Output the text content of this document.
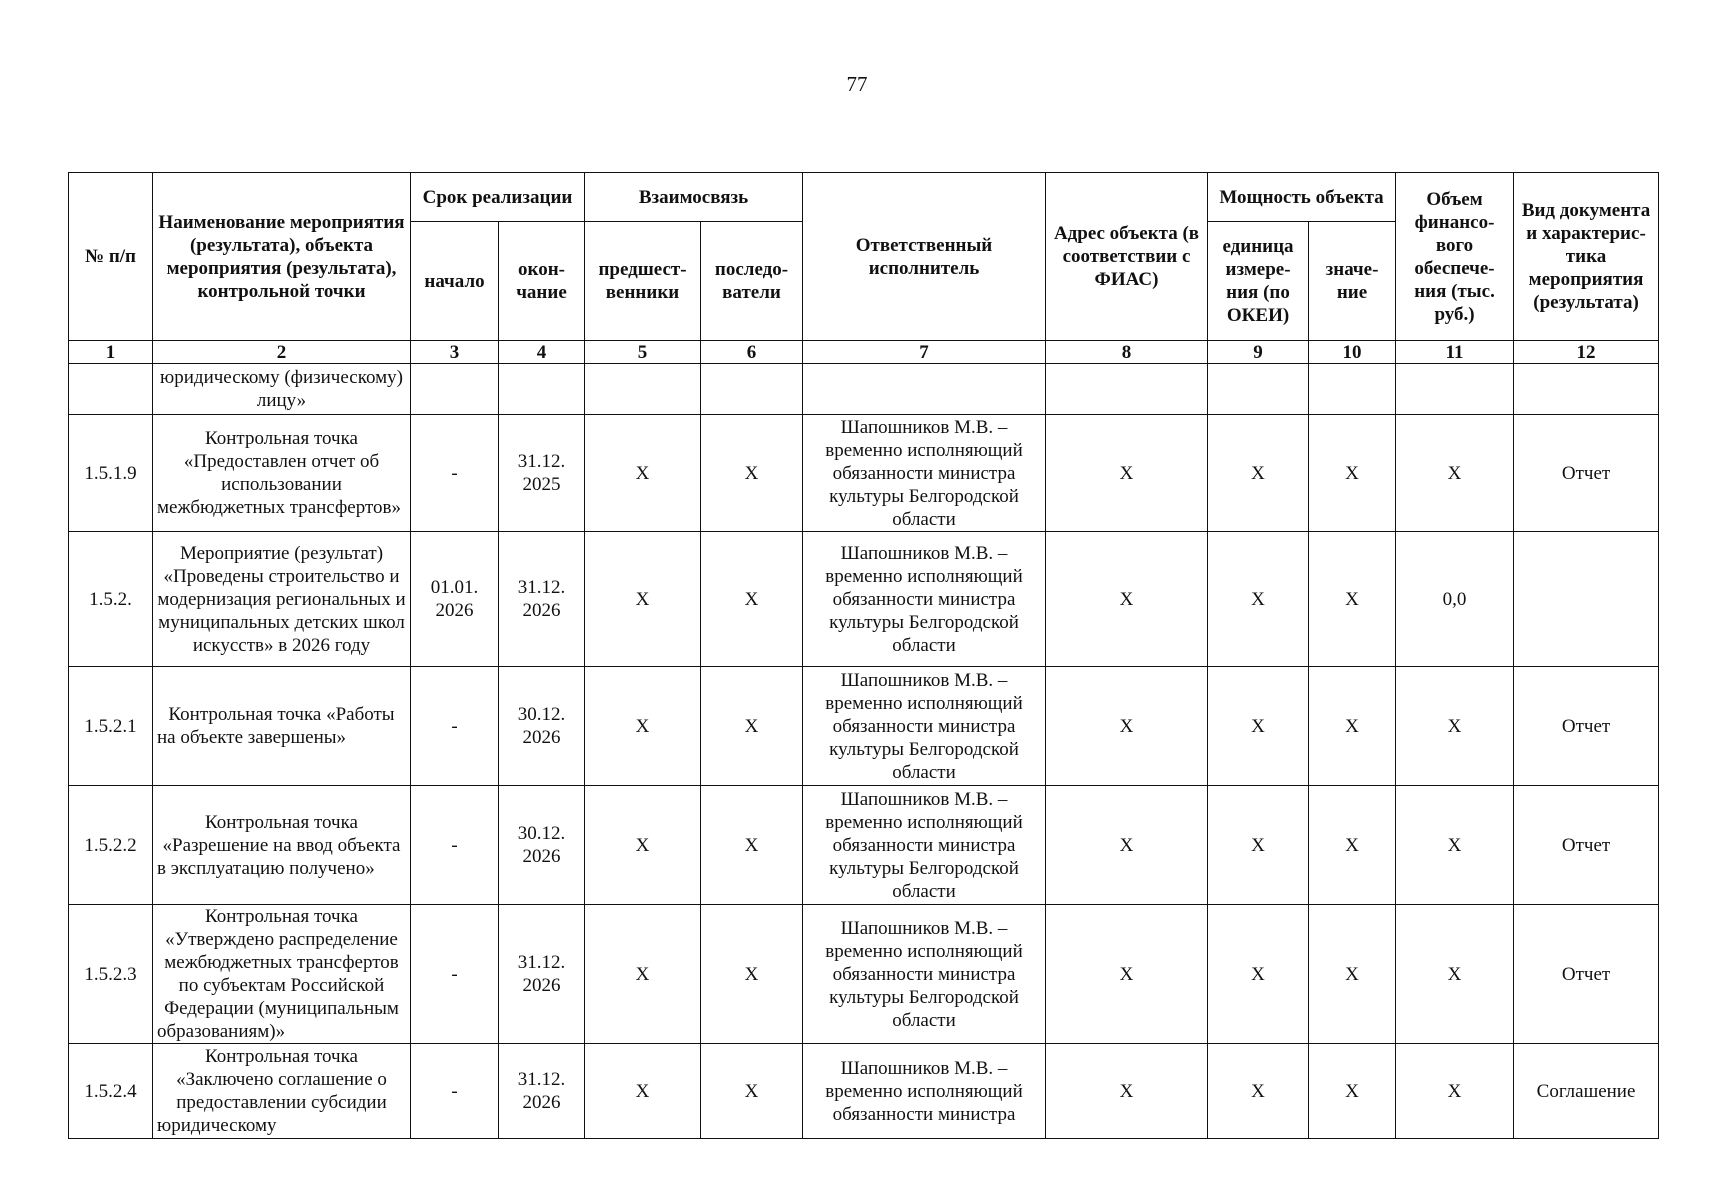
77
№ п/п	Наименование мероприятия (результата), объекта мероприятия (результата), контрольной точки	Срок реализации		Взаимосвязь		Ответственный исполнитель	Адрес объекта (в соответствии с ФИАС)	Мощность объекта		Объем финансо- вого обеспече- ния (тыс. руб.)	Вид документа и характерис- тика мероприятия (результата)
		начало	окон- чание	предшест- венники	последо- ватели			единица измере- ния (по ОКЕИ)	значе- ние		
1	2	3	4	5	6	7	8	9	10	11	12
	юридическому (физическому) лицу»										
1.5.1.9	Контрольная точка «Предоставлен отчет об использовании межбюджетных трансфертов»	-	31.12. 2025	X	X	Шапошников М.В. – временно исполняющий обязанности министра культуры Белгородской области	X	X	X	X	Отчет
1.5.2.	Мероприятие (результат) «Проведены строительство и модернизация региональных и муниципальных детских школ искусств» в 2026 году	01.01. 2026	31.12. 2026	X	X	Шапошников М.В. – временно исполняющий обязанности министра культуры Белгородской области	X	X	X	0,0	
1.5.2.1	Контрольная точка «Работы на объекте завершены»	-	30.12. 2026	X	X	Шапошников М.В. – временно исполняющий обязанности министра культуры Белгородской области	X	X	X	X	Отчет
1.5.2.2	Контрольная точка «Разрешение на ввод объекта в эксплуатацию получено»	-	30.12. 2026	X	X	Шапошников М.В. – временно исполняющий обязанности министра культуры Белгородской области	X	X	X	X	Отчет
1.5.2.3	Контрольная точка «Утверждено распределение межбюджетных трансфертов по субъектам Российской Федерации (муниципальным образованиям)»	-	31.12. 2026	X	X	Шапошников М.В. – временно исполняющий обязанности министра культуры Белгородской области	X	X	X	X	Отчет
1.5.2.4	Контрольная точка «Заключено соглашение о предоставлении субсидии юридическому	-	31.12. 2026	X	X	Шапошников М.В. – временно исполняющий обязанности министра	X	X	X	X	Соглашение
